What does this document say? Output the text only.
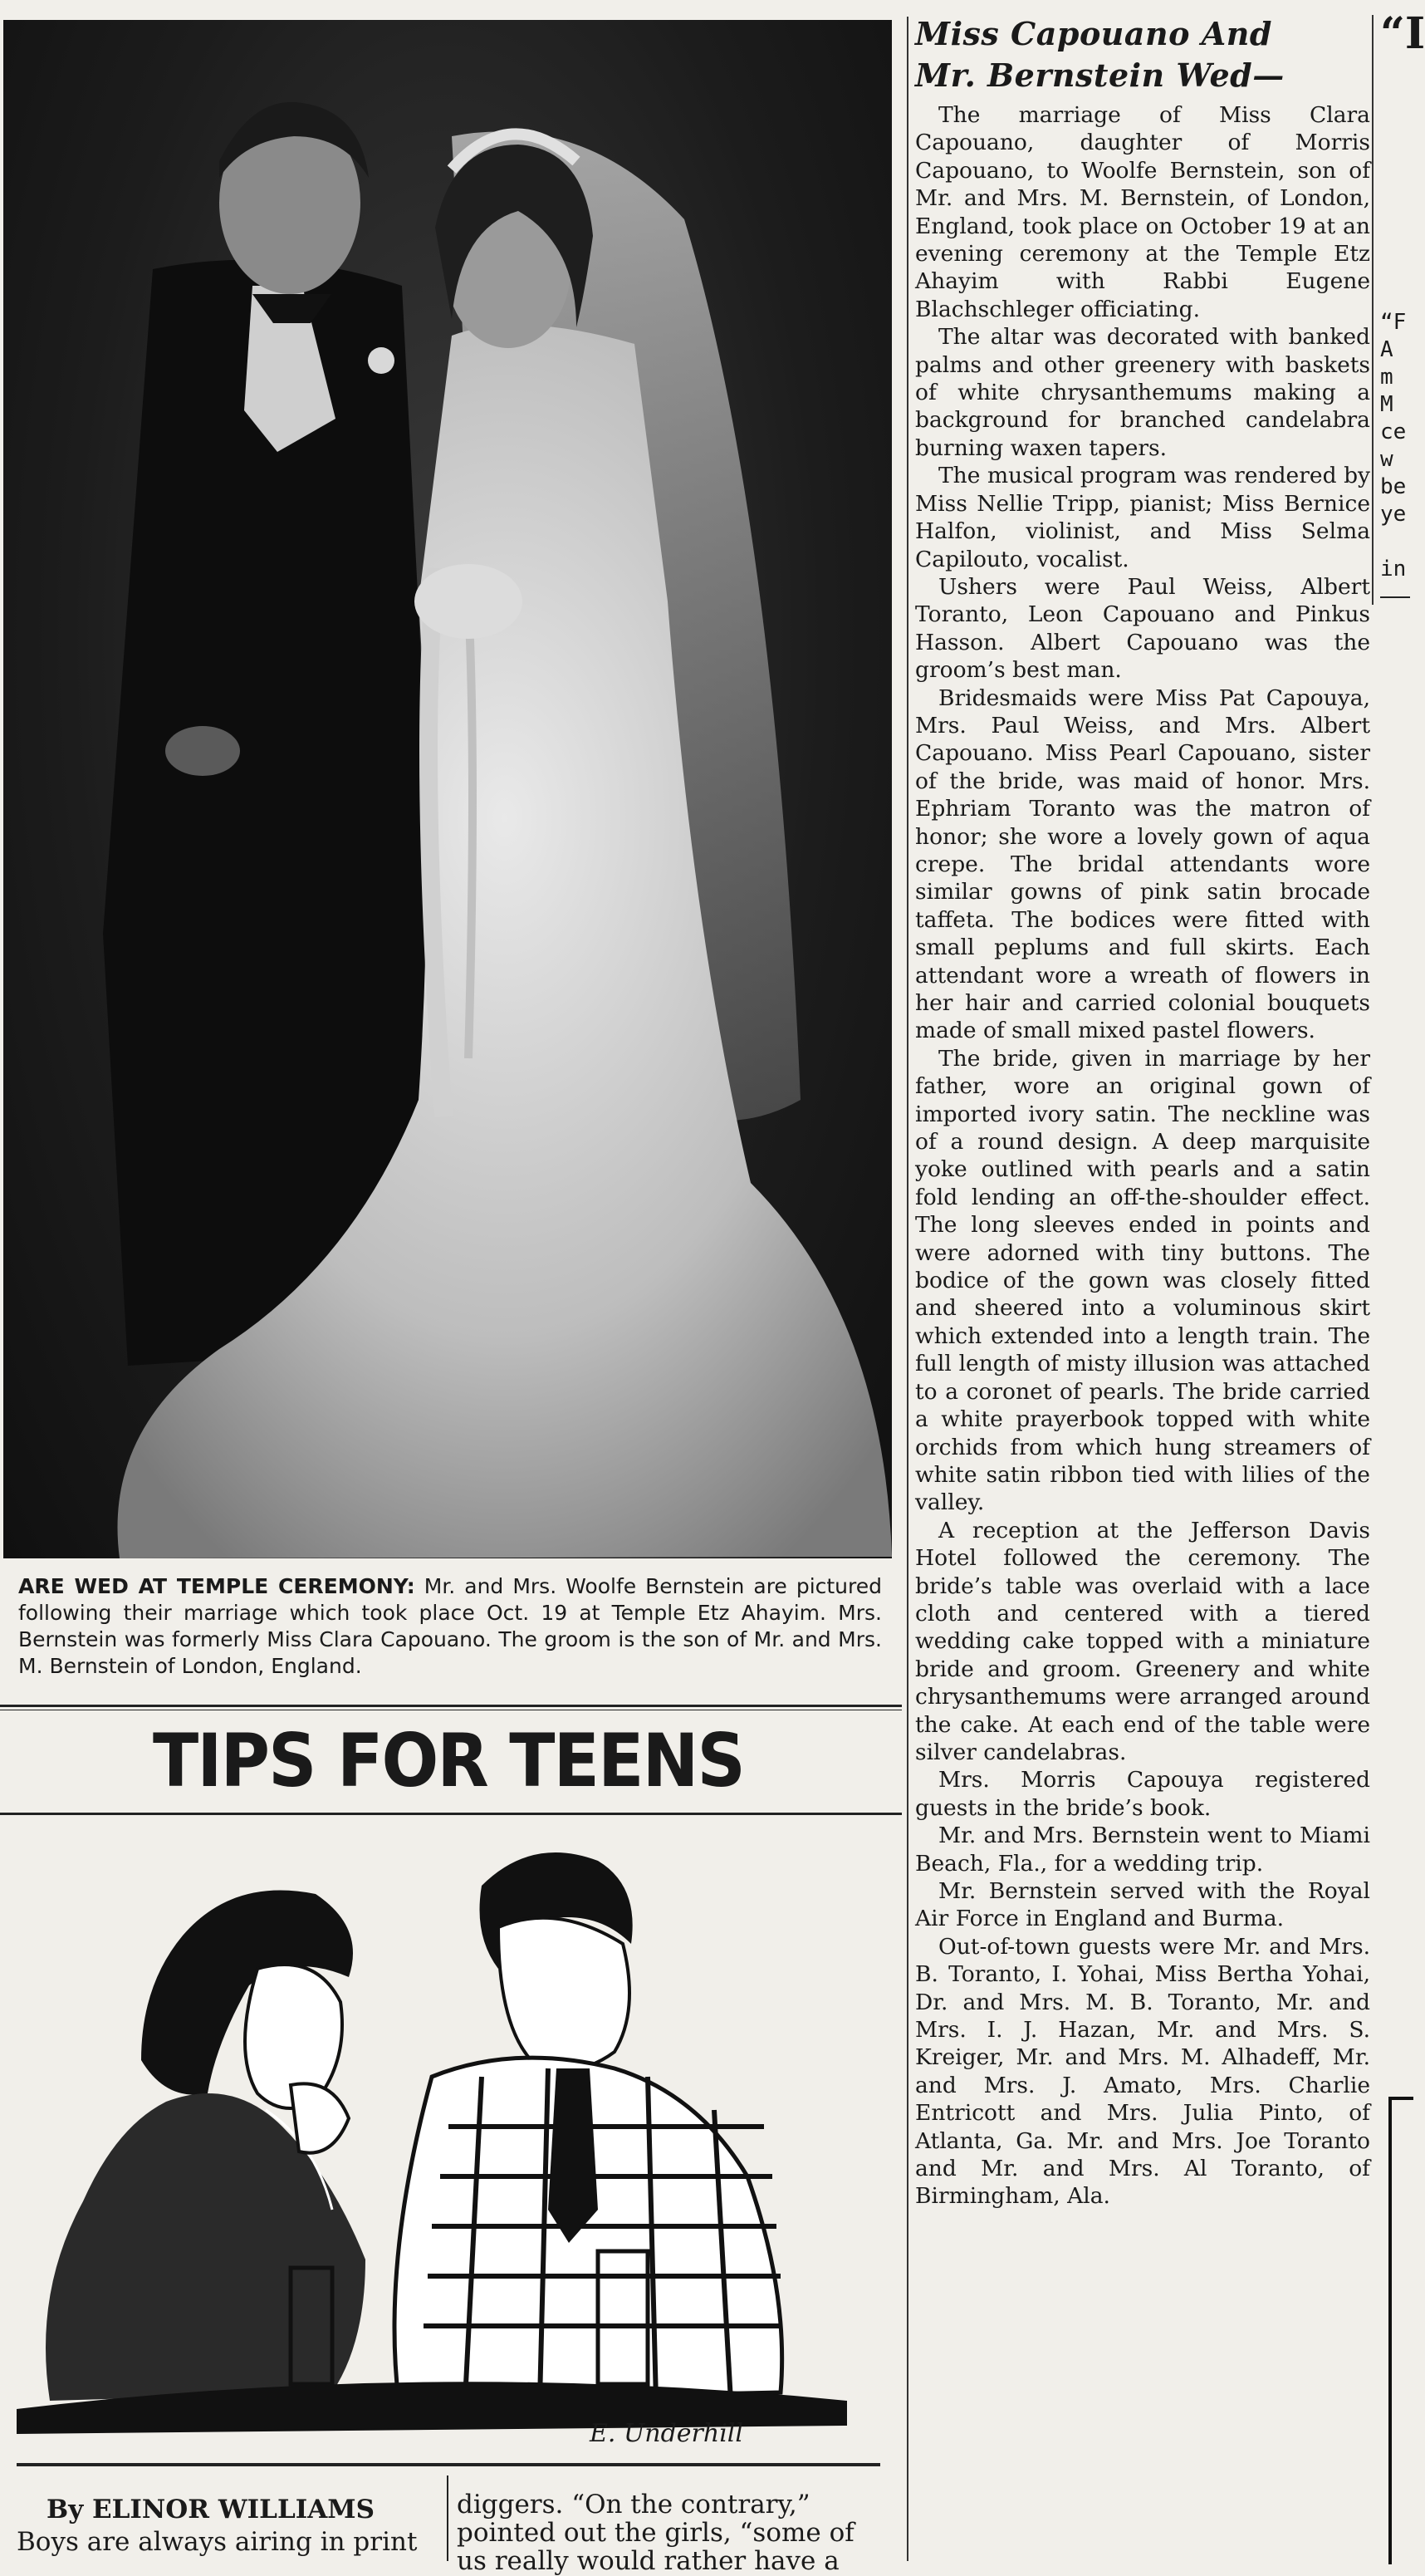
ARE WED AT TEMPLE CEREMONY: Mr. and Mrs. Woolfe Bernstein are pictured following their marriage which took place Oct. 19 at Temple Etz Ahayim. Mrs. Bernstein was formerly Miss Clara Capouano. The groom is the son of Mr. and Mrs. M. Bernstein of London, England.

TIPS FOR TEENS
E. Underhill

By ELINOR WILLIAMS

Boys are always airing in print

diggers. “On the contrary,”
pointed out the girls, “some of
us really would rather have a
Miss Capouano And
Mr. Bernstein Wed—

The marriage of Miss Clara Capouano, daughter of Morris Capouano, to Woolfe Bernstein, son of Mr. and Mrs. M. Bernstein, of London, England, took place on October 19 at an evening ceremony at the Temple Etz Ahayim with Rabbi Eugene Blachschleger officiating.

The altar was decorated with banked palms and other greenery with baskets of white chrysanthemums making a background for branched candelabra burning waxen tapers.

The musical program was rendered by Miss Nellie Tripp, pianist; Miss Bernice Halfon, violinist, and Miss Selma Capilouto, vocalist.

Ushers were Paul Weiss, Albert Toranto, Leon Capouano and Pinkus Hasson. Albert Capouano was the groom’s best man.

Bridesmaids were Miss Pat Capouya, Mrs. Paul Weiss, and Mrs. Albert Capouano. Miss Pearl Capouano, sister of the bride, was maid of honor. Mrs. Ephriam Toranto was the matron of honor; she wore a lovely gown of aqua crepe. The bridal attendants wore similar gowns of pink satin brocade taffeta. The bodices were fitted with small peplums and full skirts. Each attendant wore a wreath of flowers in her hair and carried colonial bouquets made of small mixed pastel flowers.

The bride, given in marriage by her father, wore an original gown of imported ivory satin. The neckline was of a round design. A deep marquisite yoke outlined with pearls and a satin fold lending an off-the-shoulder effect. The long sleeves ended in points and were adorned with tiny buttons. The bodice of the gown was closely fitted and sheered into a voluminous skirt which extended into a length train. The full length of misty illusion was attached to a coronet of pearls. The bride carried a white prayerbook topped with white orchids from which hung streamers of white satin ribbon tied with lilies of the valley.

A reception at the Jefferson Davis Hotel followed the ceremony. The bride’s table was overlaid with a lace cloth and centered with a tiered wedding cake topped with a miniature bride and groom. Greenery and white chrysanthemums were arranged around the cake. At each end of the table were silver candelabras.

Mrs. Morris Capouya registered guests in the bride’s book.

Mr. and Mrs. Bernstein went to Miami Beach, Fla., for a wedding trip.

Mr. Bernstein served with the Royal Air Force in England and Burma.

Out-of-town guests were Mr. and Mrs. B. Toranto, I. Yohai, Miss Bertha Yohai, Dr. and Mrs. M. B. Toranto, Mr. and Mrs. I. J. Hazan, Mr. and Mrs. S. Kreiger, Mr. and Mrs. M. Alhadeff, Mr. and Mrs. J. Amato, Mrs. Charlie Entricott and Mrs. Julia Pinto, of Atlanta, Ga. Mr. and Mrs. Joe Toranto and Mr. and Mrs. Al Toranto, of Birmingham, Ala.

“I

“F
A
m
M
ce
w
be
ye

in
